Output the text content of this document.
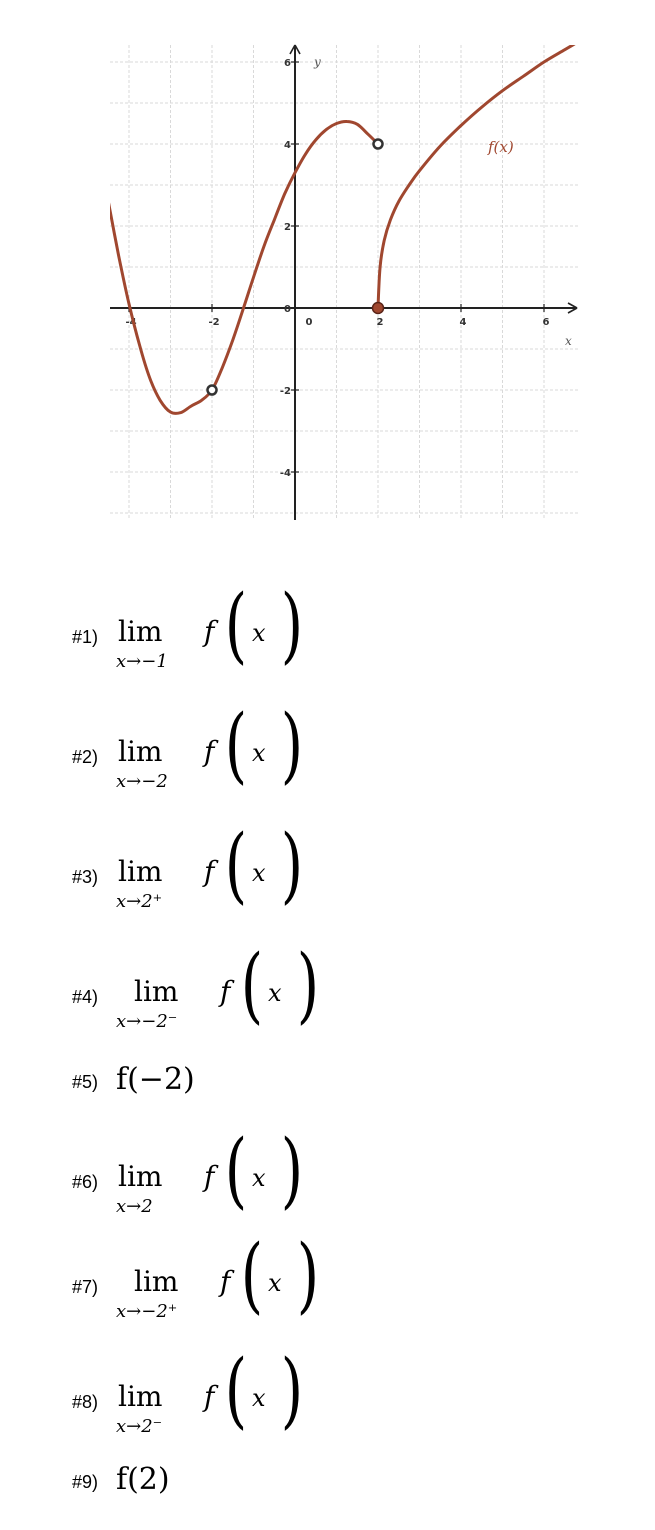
-4	-2	0	2	4	6
-4
-2
0
2
4
6
x
y
f(x)
#1) lim
x→−1
f ( x )
#2) lim
x→−2
f ( x )
#3) lim
x→2⁺
f ( x )
#4) lim
x→−2⁻
f ( x )
#5) f(−2)
#6) lim
x→2
f ( x )
#7) lim
x→−2⁺
f ( x )
#8) lim
x→2⁻
f ( x )
#9) f(2)
